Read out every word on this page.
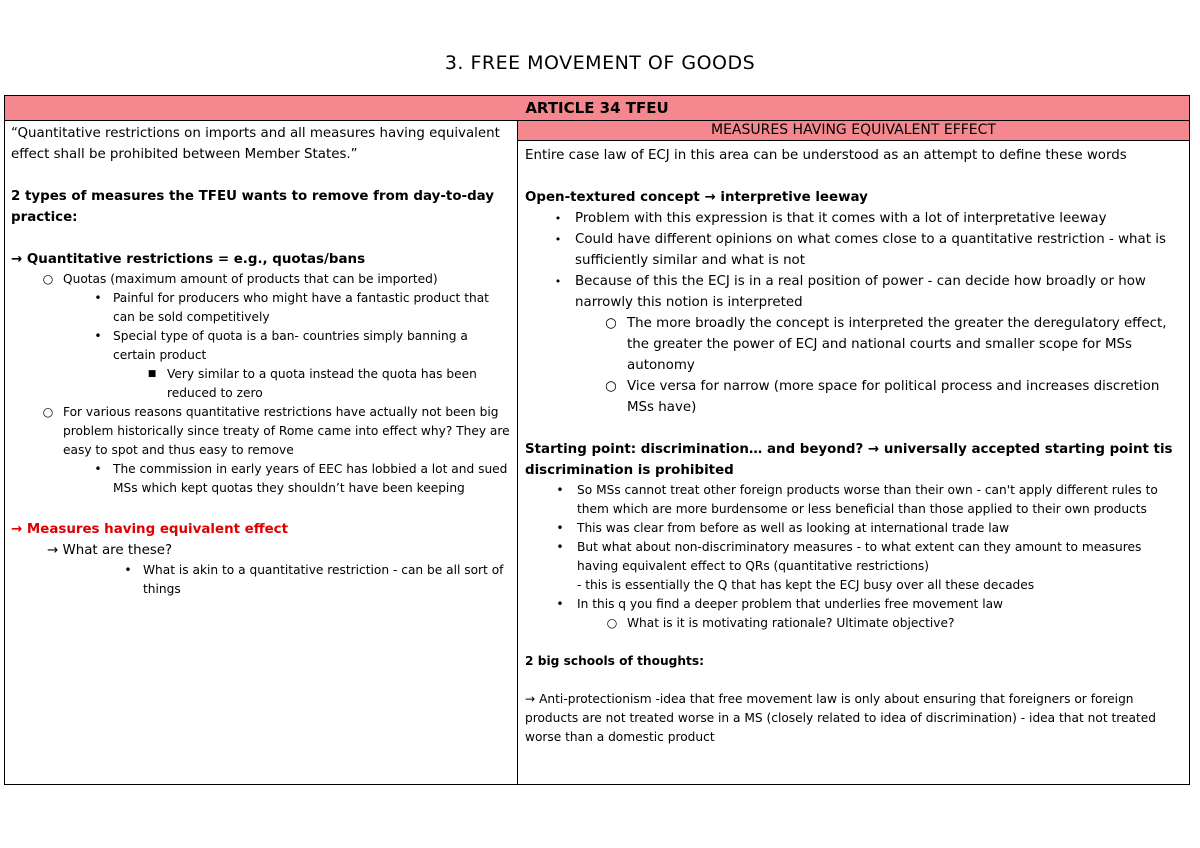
3. FREE MOVEMENT OF GOODS
ARTICLE 34 TFEU
“Quantitative restrictions on imports and all measures having equivalent effect shall be prohibited between Member States.”
2 types of measures the TFEU wants to remove from day-to-day practice:
→ Quantitative restrictions = e.g., quotas/bans
○ Quotas (maximum amount of products that can be imported)
• Painful for producers who might have a fantastic product that can be sold competitively
• Special type of quota is a ban- countries simply banning a certain product
■ Very similar to a quota instead the quota has been reduced to zero
○ For various reasons quantitative restrictions have actually not been big problem historically since treaty of Rome came into effect why? They are easy to spot and thus easy to remove
• The commission in early years of EEC has lobbied a lot and sued MSs which kept quotas they shouldn’t have been keeping
→ Measures having equivalent effect
→ What are these?
• What is akin to a quantitative restriction - can be all sort of things
MEASURES HAVING EQUIVALENT EFFECT
Entire case law of ECJ in this area can be understood as an attempt to define these words
Open-textured concept → interpretive leeway
•	Problem with this expression is that it comes with a lot of interpretative leeway
•	Could have different opinions on what comes close to a quantitative restriction - what is sufficiently similar and what is not
•	Because of this the ECJ is in a real position of power - can decide how broadly or how narrowly this notion is interpreted
○ The more broadly the concept is interpreted the greater the deregulatory effect, the greater the power of ECJ and national courts and smaller scope for MSs autonomy
○ Vice versa for narrow (more space for political process and increases discretion MSs have)
Starting point: discrimination… and beyond? → universally accepted starting point tis discrimination is prohibited
•	So MSs cannot treat other foreign products worse than their own - can't apply different rules to them which are more burdensome or less beneficial than those applied to their own products
•	This was clear from before as well as looking at international trade law
•	But what about non-discriminatory measures - to what extent can they amount to measures having equivalent effect to QRs (quantitative restrictions)
- this is essentially the Q that has kept the ECJ busy over all these decades
•	In this q you find a deeper problem that underlies free movement law
○ What is it is motivating rationale? Ultimate objective?
2 big schools of thoughts:
→ Anti-protectionism -idea that free movement law is only about ensuring that foreigners or foreign products are not treated worse in a MS (closely related to idea of discrimination) - idea that not treated worse than a domestic product
